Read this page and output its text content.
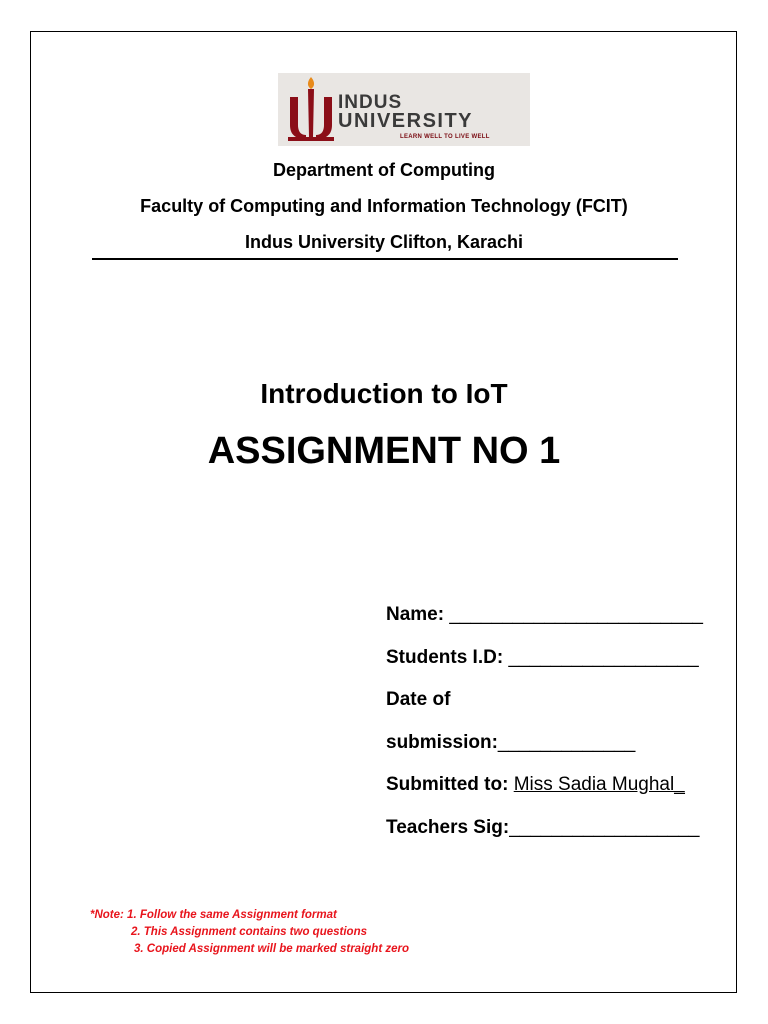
INDUS
UNIVERSITY
LEARN WELL TO LIVE WELL
Department of Computing
Faculty of Computing and Information Technology (FCIT)
Indus University Clifton, Karachi
Introduction to IoT
ASSIGNMENT NO 1
Name: ________________________
Students I.D: __________________
Date of
submission:_____________
Submitted to: Miss Sadia Mughal_
Teachers Sig:__________________
*Note: 1. Follow the same Assignment format
2. This Assignment contains two questions
3. Copied Assignment will be marked straight zero
